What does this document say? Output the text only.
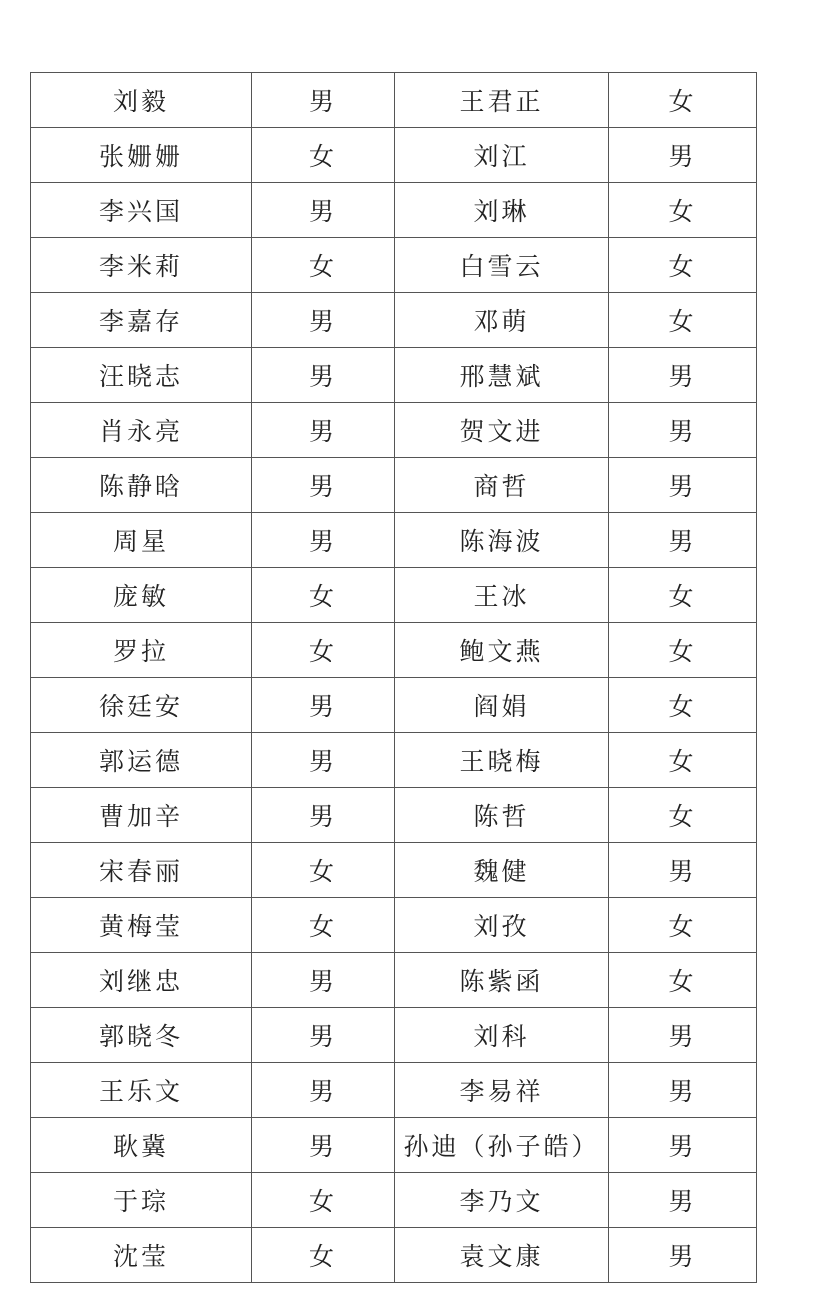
刘毅	男	王君正	女
张姗姗	女	刘江	男
李兴国	男	刘琳	女
李米莉	女	白雪云	女
李嘉存	男	邓萌	女
汪晓志	男	邢慧斌	男
肖永亮	男	贺文进	男
陈静晗	男	商哲	男
周星	男	陈海波	男
庞敏	女	王冰	女
罗拉	女	鲍文燕	女
徐廷安	男	阎娟	女
郭运德	男	王晓梅	女
曹加辛	男	陈哲	女
宋春丽	女	魏健	男
黄梅莹	女	刘孜	女
刘继忠	男	陈紫函	女
郭晓冬	男	刘科	男
王乐文	男	李易祥	男
耿冀	男	孙迪（孙子皓）	男
于琮	女	李乃文	男
沈莹	女	袁文康	男
